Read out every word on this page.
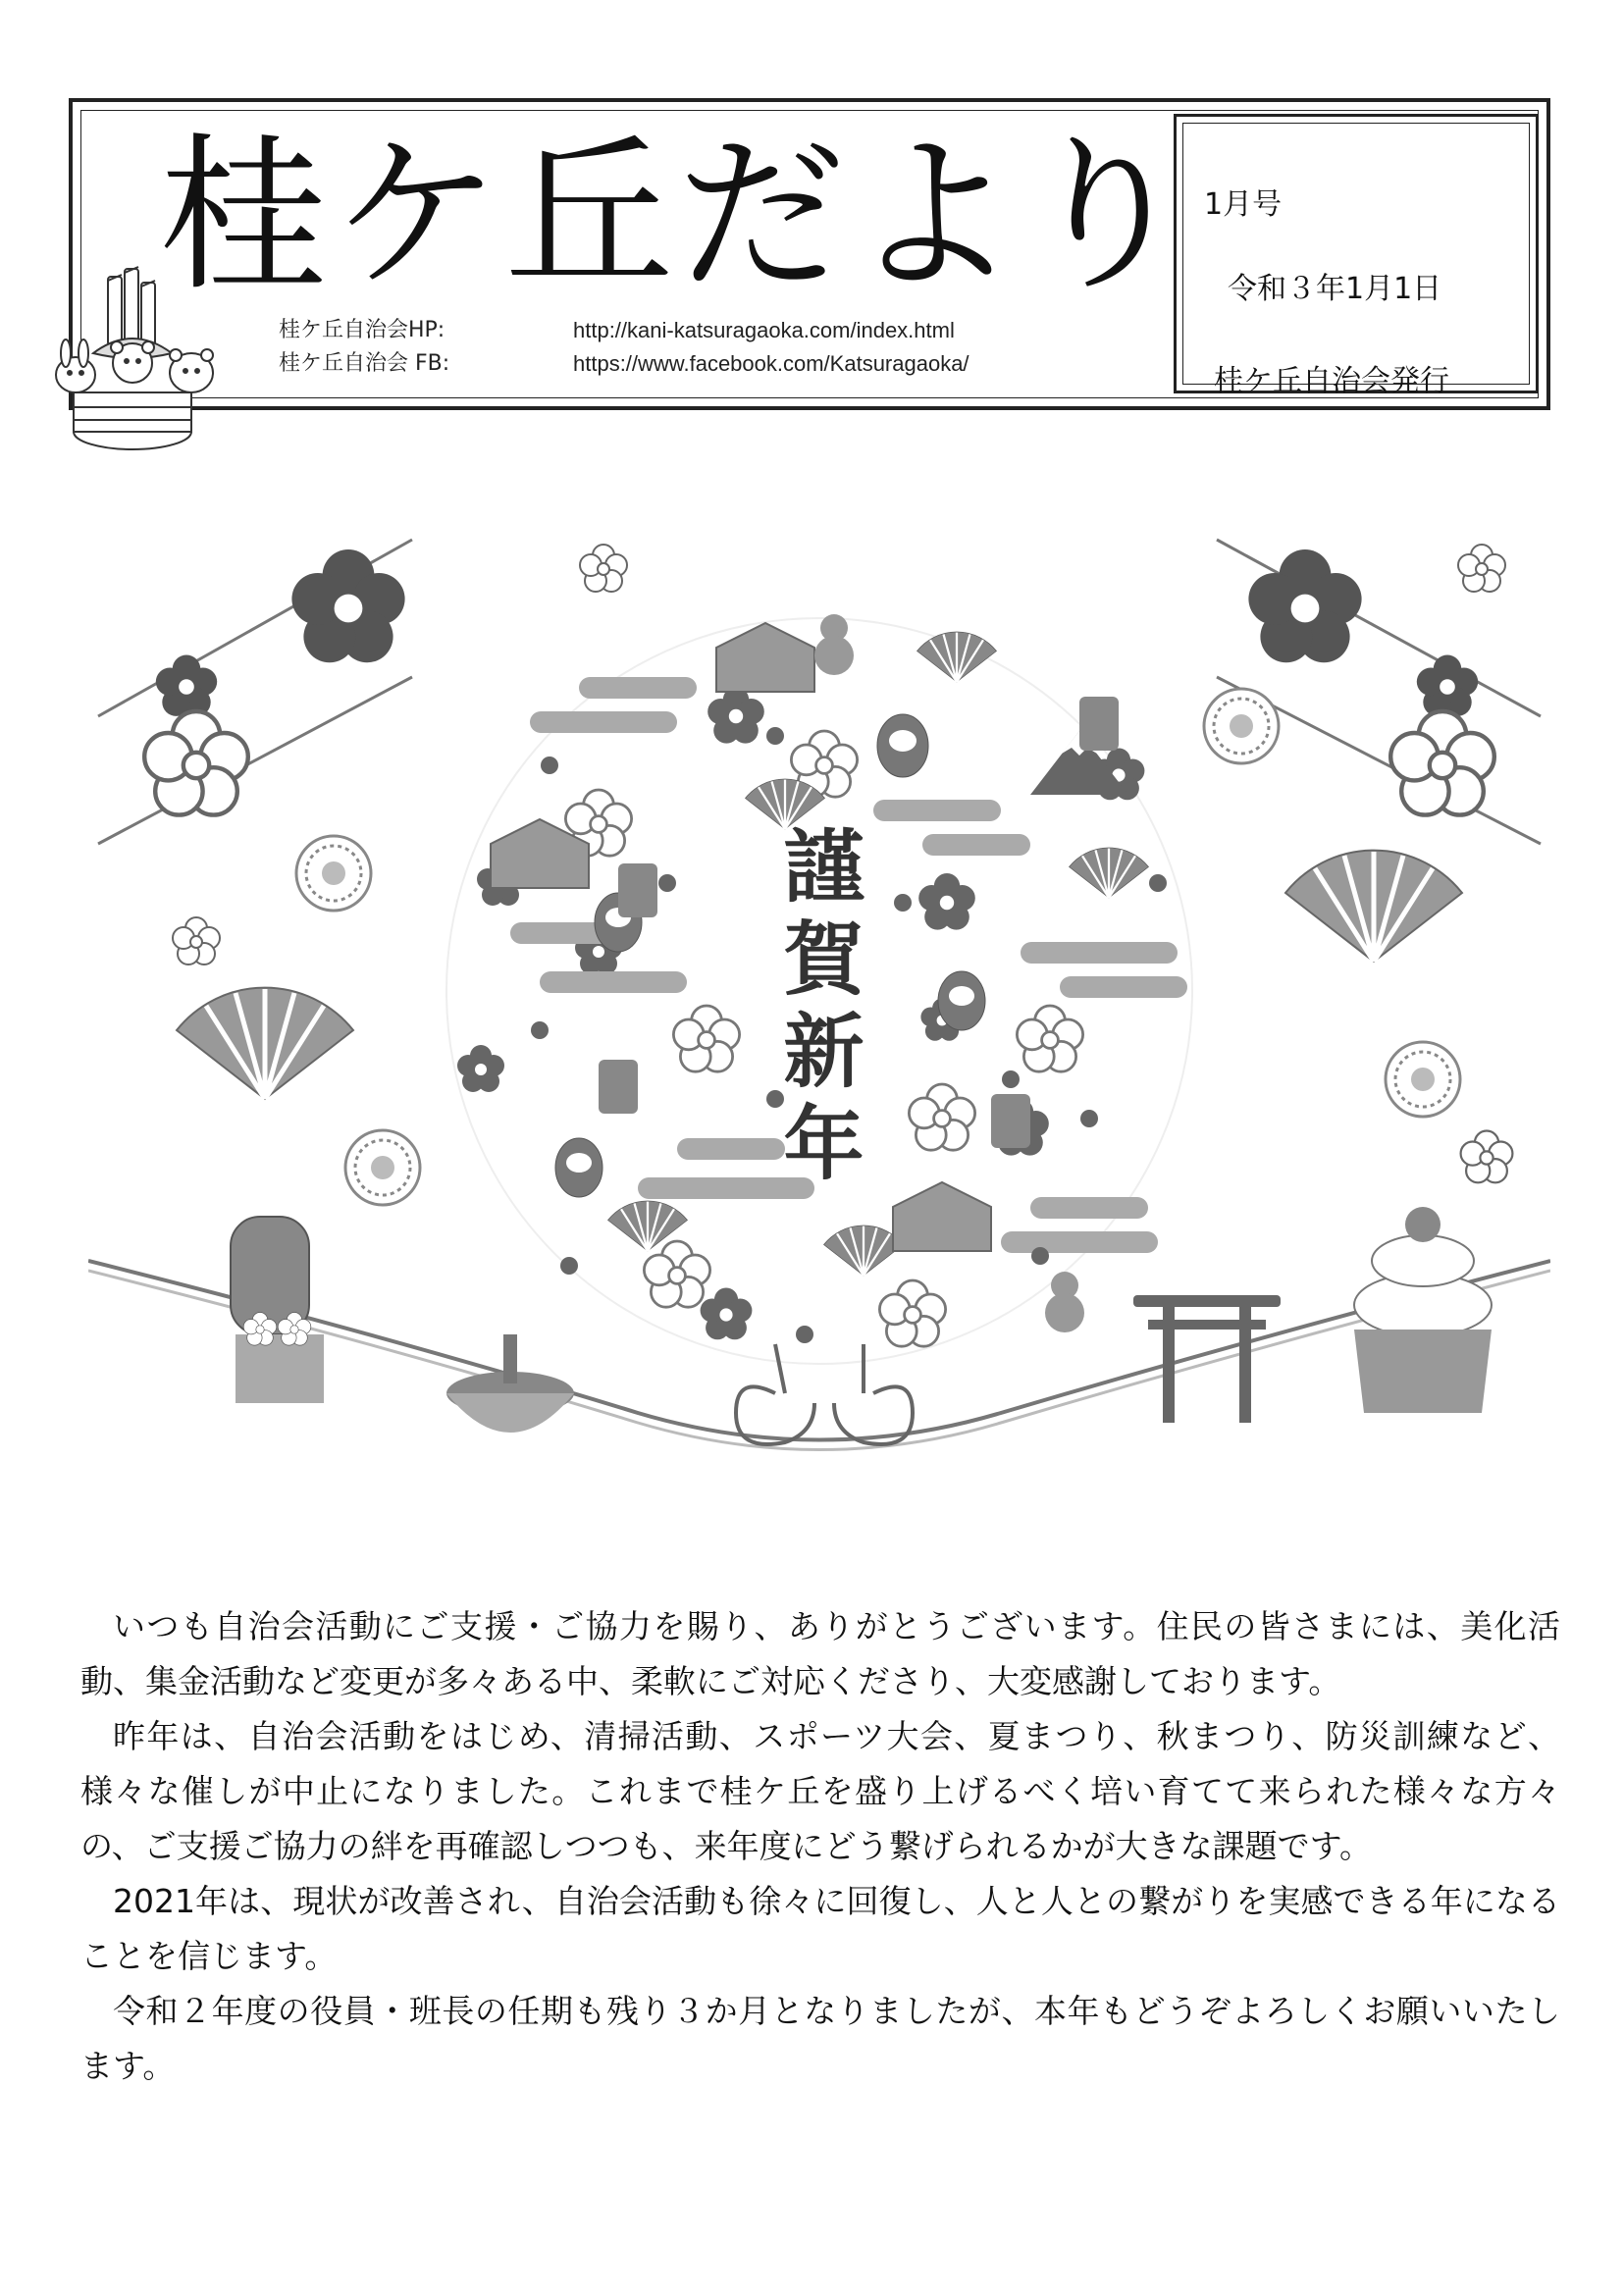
桂ケ丘だより
桂ケ丘自治会HP:	http://kani-katsuragaoka.com/index.html
桂ケ丘自治会 FB:	https://www.facebook.com/Katsuragaoka/
1月号
令和３年1月1日
桂ケ丘自治会発行
謹賀新年

いつも自治会活動にご支援・ご協力を賜り、ありがとうございます。住民の皆さまには、美化活動、集金活動など変更が多々ある中、柔軟にご対応くださり、大変感謝しております。

昨年は、自治会活動をはじめ、清掃活動、スポーツ大会、夏まつり、秋まつり、防災訓練など、様々な催しが中止になりました。これまで桂ケ丘を盛り上げるべく培い育てて来られた様々な方々の、ご支援ご協力の絆を再確認しつつも、来年度にどう繋げられるかが大きな課題です。

2021年は、現状が改善され、自治会活動も徐々に回復し、人と人との繋がりを実感できる年になることを信じます。

令和２年度の役員・班長の任期も残り３か月となりましたが、本年もどうぞよろしくお願いいたします。
